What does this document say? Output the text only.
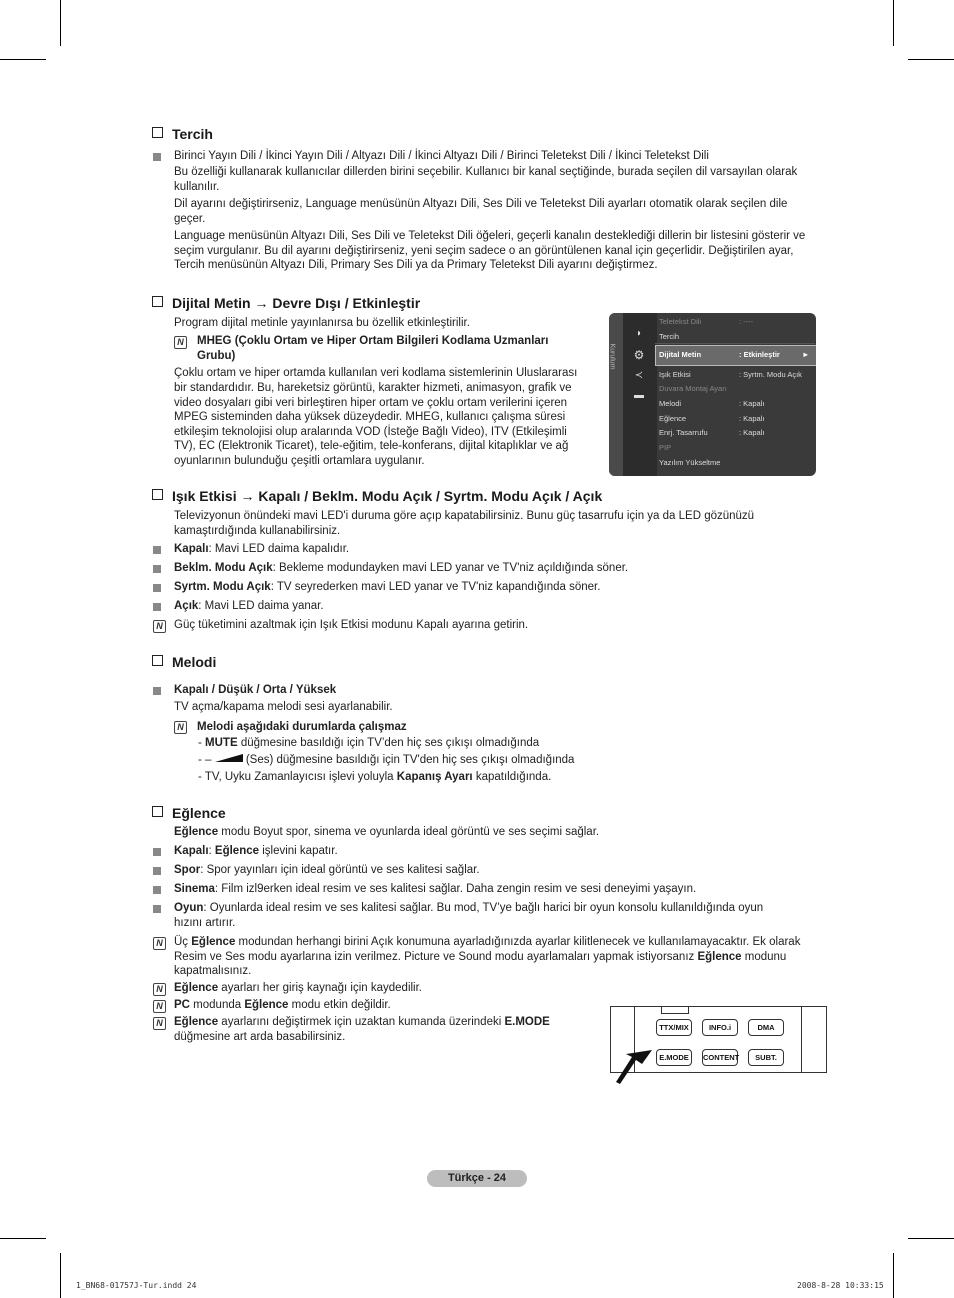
Tercih
Birinci Yayın Dili / İkinci Yayın Dili / Altyazı Dili / İkinci Altyazı Dili / Birinci Teletekst Dili / İkinci Teletekst Dili
Bu özelliği kullanarak kullanıcılar dillerden birini seçebilir. Kullanıcı bir kanal seçtiğinde, burada seçilen dil varsayılan olarak
kullanılır.
Dil ayarını değiştirirseniz, Language menüsünün Altyazı Dili, Ses Dili ve Teletekst Dili ayarları otomatik olarak seçilen dile
geçer.
Language menüsünün Altyazı Dili, Ses Dili ve Teletekst Dili öğeleri, geçerli kanalın desteklediği dillerin bir listesini gösterir ve
seçim vurgulanır. Bu dil ayarını değiştirirseniz, yeni seçim sadece o an görüntülenen kanal için geçerlidir. Değiştirilen ayar,
Tercih menüsünün Altyazı Dili, Primary Ses Dili ya da Primary Teletekst Dili ayarını değiştirmez.
Dijital Metin → Devre Dışı / Etkinleştir
Program dijital metinle yayınlanırsa bu özellik etkinleştirilir.
N MHEG (Çoklu Ortam ve Hiper Ortam Bilgileri Kodlama Uzmanları
Grubu)
Çoklu ortam ve hiper ortamda kullanılan veri kodlama sistemlerinin Uluslararası
bir standardıdır. Bu, hareketsiz görüntü, karakter hizmeti, animasyon, grafik ve
video dosyaları gibi veri birleştiren hiper ortam ve çoklu ortam verilerini içeren
MPEG sisteminden daha yüksek düzeydedir. MHEG, kullanıcı çalışma süresi
etkileşim teknolojisi olup aralarında VOD (İsteğe Bağlı Video), ITV (Etkileşimli
TV), EC (Elektronik Ticaret), tele-eğitim, tele-konferans, dijital kitaplıklar ve ağ
oyunlarının bulunduğu çeşitli ortamlara uygulanır.
Kurulum
◗
⚙
≺
▬
Teletekst Dili	: ----
Tercih
Dijital Metin	: Etkinleştir	►
Işık Etkisi	: Syrtm. Modu Açık
Duvara Montaj Ayarı
Melodi	: Kapalı
Eğlence	: Kapalı
Enrj. Tasarrufu	: Kapalı
PIP
Yazılım Yükseltme
Işık Etkisi → Kapalı / Beklm. Modu Açık / Syrtm. Modu Açık / Açık
Televizyonun önündeki mavi LED'i duruma göre açıp kapatabilirsiniz. Bunu güç tasarrufu için ya da LED gözünüzü
kamaştırdığında kullanabilirsiniz.
Kapalı: Mavi LED daima kapalıdır.
Beklm. Modu Açık: Bekleme modundayken mavi LED yanar ve TV'niz açıldığında söner.
Syrtm. Modu Açık: TV seyrederken mavi LED yanar ve TV'niz kapandığında söner.
Açık: Mavi LED daima yanar.
N Güç tüketimini azaltmak için Işık Etkisi modunu Kapalı ayarına getirin.
Melodi
Kapalı / Düşük / Orta / Yüksek
TV açma/kapama melodi sesi ayarlanabilir.
N Melodi aşağıdaki durumlarda çalışmaz
- MUTE düğmesine basıldığı için TV’den hiç ses çıkışı olmadığında
- –	(Ses) düğmesine basıldığı için TV'den hiç ses çıkışı olmadığında
- TV, Uyku Zamanlayıcısı işlevi yoluyla Kapanış Ayarı kapatıldığında.
Eğlence
Eğlence modu Boyut spor, sinema ve oyunlarda ideal görüntü ve ses seçimi sağlar.
Kapalı: Eğlence işlevini kapatır.
Spor: Spor yayınları için ideal görüntü ve ses kalitesi sağlar.
Sinema: Film izl9erken ideal resim ve ses kalitesi sağlar. Daha zengin resim ve sesi deneyimi yaşayın.
Oyun: Oyunlarda ideal resim ve ses kalitesi sağlar. Bu mod, TV’ye bağlı harici bir oyun konsolu kullanıldığında oyun
hızını artırır.
N Üç Eğlence modundan herhangi birini Açık konumuna ayarladığınızda ayarlar kilitlenecek ve kullanılamayacaktır. Ek olarak
Resim ve Ses modu ayarlarına izin verilmez. Picture ve Sound modu ayarlamaları yapmak istiyorsanız Eğlence modunu
kapatmalısınız.
N Eğlence ayarları her giriş kaynağı için kaydedilir.
N PC modunda Eğlence modu etkin değildir.
N Eğlence ayarlarını değiştirmek için uzaktan kumanda üzerindeki E.MODE
düğmesine art arda basabilirsiniz.
TTX/MIX	INFO.i	DMA
E.MODE	CONTENT	SUBT.
Türkçe - 24
1_BN68-01757J-Tur.indd 24	2008-8-28 10:33:15
